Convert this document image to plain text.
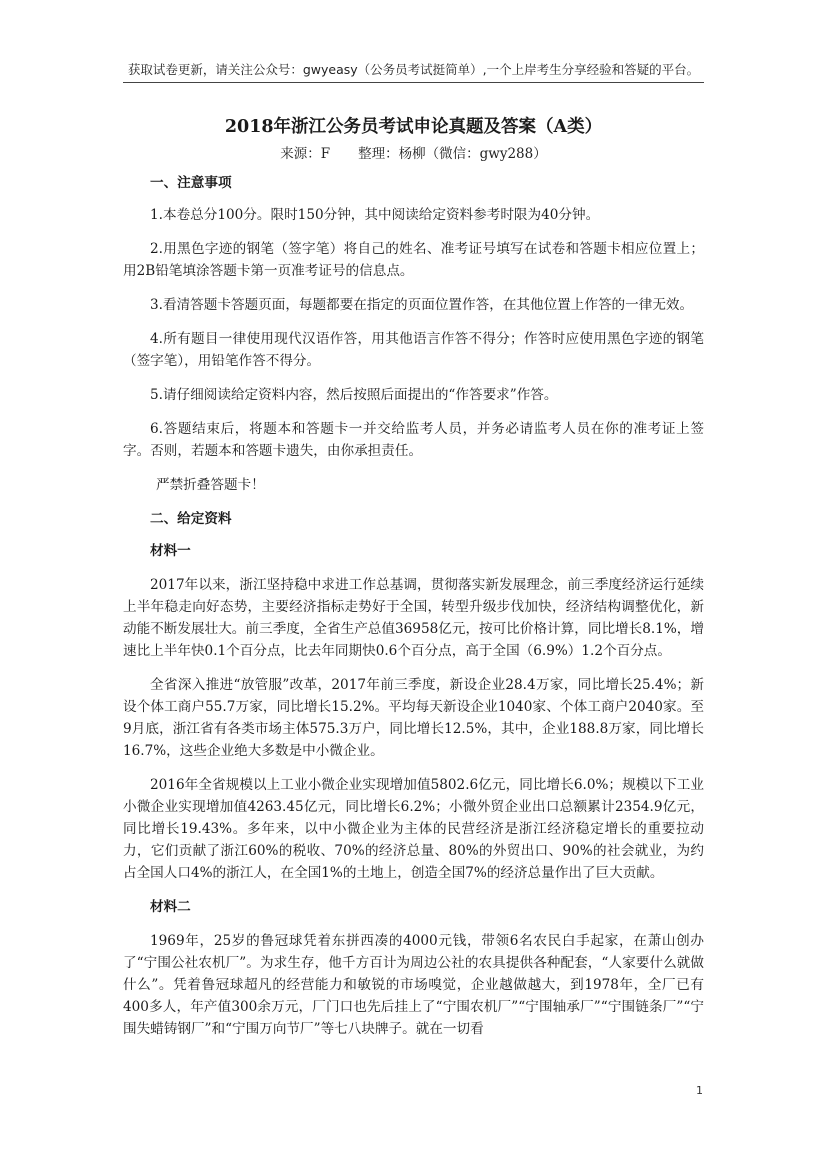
获取试卷更新，请关注公众号：gwyeasy（公务员考试挺简单）,一个上岸考生分享经验和答疑的平台。
2018年浙江公务员考试申论真题及答案（A类）
来源：F 整理：杨柳（微信：gwy288）
一、注意事项

1.本卷总分100分。限时150分钟，其中阅读给定资料参考时限为40分钟。

2.用黑色字迹的钢笔（签字笔）将自己的姓名、准考证号填写在试卷和答题卡相应位置上；用2B铅笔填涂答题卡第一页准考证号的信息点。

3.看清答题卡答题页面，每题都要在指定的页面位置作答，在其他位置上作答的一律无效。

4.所有题目一律使用现代汉语作答，用其他语言作答不得分；作答时应使用黑色字迹的钢笔（签字笔），用铅笔作答不得分。

5.请仔细阅读给定资料内容，然后按照后面提出的“作答要求”作答。

6.答题结束后，将题本和答题卡一并交给监考人员，并务必请监考人员在你的准考证上签字。否则，若题本和答题卡遗失，由你承担责任。

严禁折叠答题卡！

二、给定资料
材料一

2017年以来，浙江坚持稳中求进工作总基调，贯彻落实新发展理念，前三季度经济运行延续上半年稳走向好态势，主要经济指标走势好于全国，转型升级步伐加快，经济结构调整优化，新动能不断发展壮大。前三季度，全省生产总值36958亿元，按可比价格计算，同比增长8.1%，增速比上半年快0.1个百分点，比去年同期快0.6个百分点，高于全国（6.9%）1.2个百分点。

全省深入推进“放管服”改革，2017年前三季度，新设企业28.4万家，同比增长25.4%；新设个体工商户55.7万家，同比增长15.2%。平均每天新设企业1040家、个体工商户2040家。至9月底，浙江省有各类市场主体575.3万户，同比增长12.5%，其中，企业188.8万家，同比增长16.7%，这些企业绝大多数是中小微企业。

2016年全省规模以上工业小微企业实现增加值5802.6亿元，同比增长6.0%；规模以下工业小微企业实现增加值4263.45亿元，同比增长6.2%；小微外贸企业出口总额累计2354.9亿元，同比增长19.43%。多年来，以中小微企业为主体的民营经济是浙江经济稳定增长的重要拉动力，它们贡献了浙江60%的税收、70%的经济总量、80%的外贸出口、90%的社会就业，为约占全国人口4%的浙江人，在全国1%的土地上，创造全国7%的经济总量作出了巨大贡献。

材料二

1969年，25岁的鲁冠球凭着东拼西凑的4000元钱，带领6名农民白手起家，在萧山创办了“宁围公社农机厂”。为求生存，他千方百计为周边公社的农具提供各种配套，“人家要什么就做什么”。凭着鲁冠球超凡的经营能力和敏锐的市场嗅觉，企业越做越大，到1978年，全厂已有400多人，年产值300余万元，厂门口也先后挂上了“宁围农机厂”“宁围轴承厂”“宁围链条厂”“宁围失蜡铸钢厂”和“宁围万向节厂”等七八块牌子。就在一切看

1
